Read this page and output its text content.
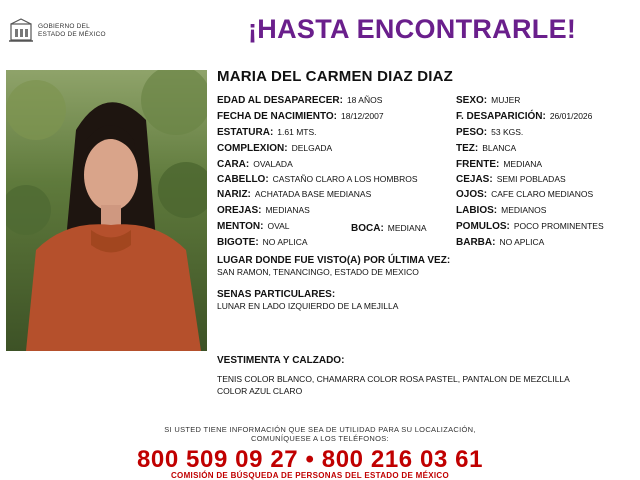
GOBIERNO DEL
ESTADO DE MÉXICO	¡HASTA ENCONTRARLE!
MARIA DEL CARMEN DIAZ DIAZ
EDAD AL DESAPARECER: 18 AÑOS
FECHA DE NACIMIENTO: 18/12/2007
ESTATURA: 1.61 MTS.
COMPLEXION: DELGADA
CARA: OVALADA
CABELLO: CASTAÑO CLARO A LOS HOMBROS
NARIZ: ACHATADA BASE MEDIANAS
OREJAS: MEDIANAS
MENTON: OVAL
BIGOTE: NO APLICA
BOCA: MEDIANA
SEXO: MUJER
F. DESAPARICIÓN: 26/01/2026
PESO: 53 KGS.
TEZ: BLANCA
FRENTE: MEDIANA
CEJAS: SEMI POBLADAS
OJOS: CAFE CLARO MEDIANOS
LABIOS: MEDIANOS
POMULOS: POCO PROMINENTES
BARBA: NO APLICA
LUGAR DONDE FUE VISTO(A) POR ÚLTIMA VEZ:
SAN RAMON, TENANCINGO, ESTADO DE MEXICO
SENAS PARTICULARES:
LUNAR EN LADO IZQUIERDO DE LA MEJILLA
VESTIMENTA Y CALZADO:
TENIS COLOR BLANCO, CHAMARRA COLOR ROSA PASTEL, PANTALON DE MEZCLILLA
COLOR AZUL CLARO
SI USTED TIENE INFORMACIÓN QUE SEA DE UTILIDAD PARA SU LOCALIZACIÓN,
COMUNÍQUESE A LOS TELÉFONOS:
800 509 09 27 • 800 216 03 61
COMISIÓN DE BÚSQUEDA DE PERSONAS DEL ESTADO DE MÉXICO
